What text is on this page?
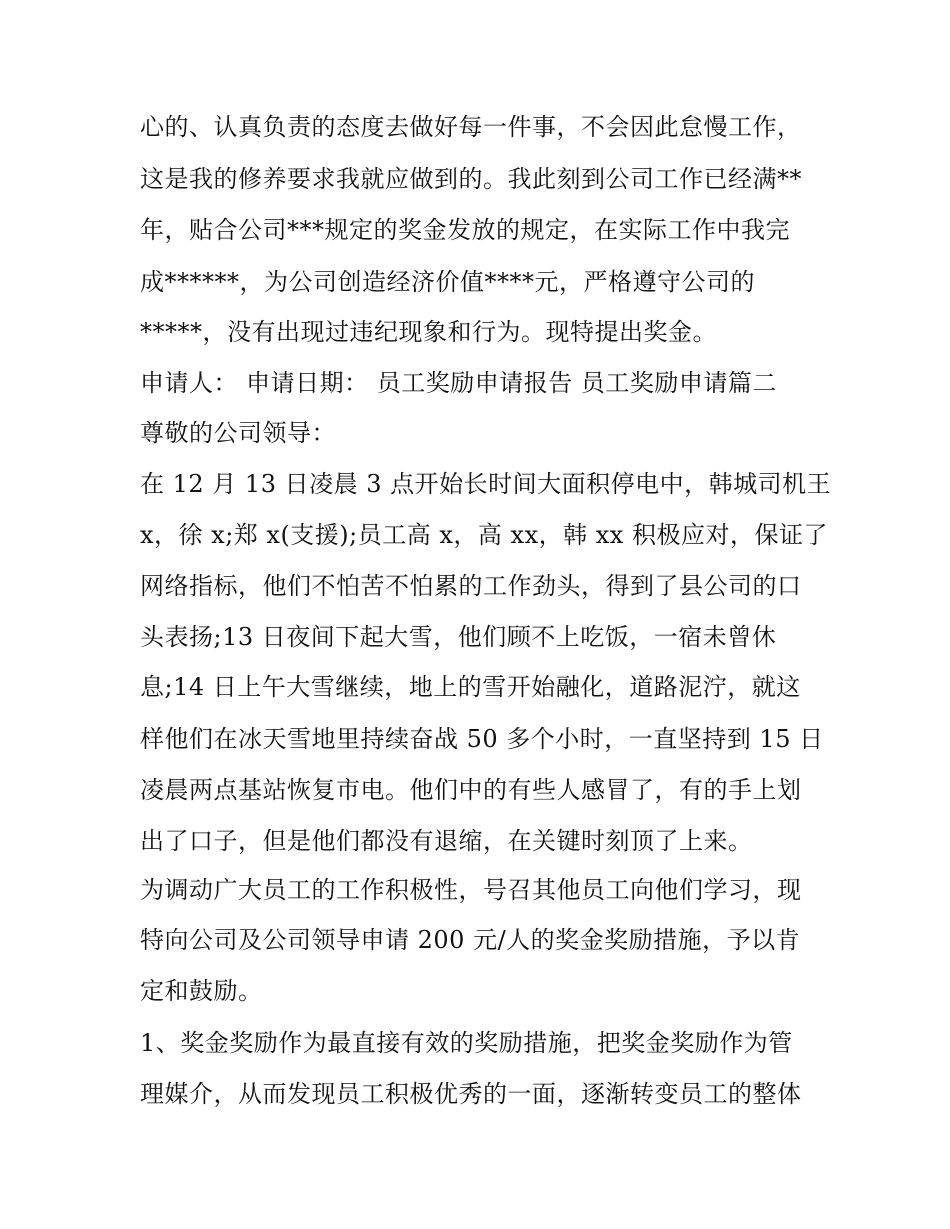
心的、认真负责的态度去做好每一件事，不会因此怠慢工作，
这是我的修养要求我就应做到的。我此刻到公司工作已经满**
年，贴合公司***规定的奖金发放的规定，在实际工作中我完
成******，为公司创造经济价值****元，严格遵守公司的
*****，没有出现过违纪现象和行为。现特提出奖金。
申请人： 申请日期： 员工奖励申请报告 员工奖励申请篇二
尊敬的公司领导：
在 12 月 13 日凌晨 3 点开始长时间大面积停电中，韩城司机王
x，徐 x;郑 x(支援);员工高 x，高 xx，韩 xx 积极应对，保证了
网络指标，他们不怕苦不怕累的工作劲头，得到了县公司的口
头表扬;13 日夜间下起大雪，他们顾不上吃饭，一宿未曾休
息;14 日上午大雪继续，地上的雪开始融化，道路泥泞，就这
样他们在冰天雪地里持续奋战 50 多个小时，一直坚持到 15 日
凌晨两点基站恢复市电。他们中的有些人感冒了，有的手上划
出了口子，但是他们都没有退缩，在关键时刻顶了上来。
为调动广大员工的工作积极性，号召其他员工向他们学习，现
特向公司及公司领导申请 200 元/人的奖金奖励措施，予以肯
定和鼓励。
1、奖金奖励作为最直接有效的奖励措施，把奖金奖励作为管
理媒介，从而发现员工积极优秀的一面，逐渐转变员工的整体
